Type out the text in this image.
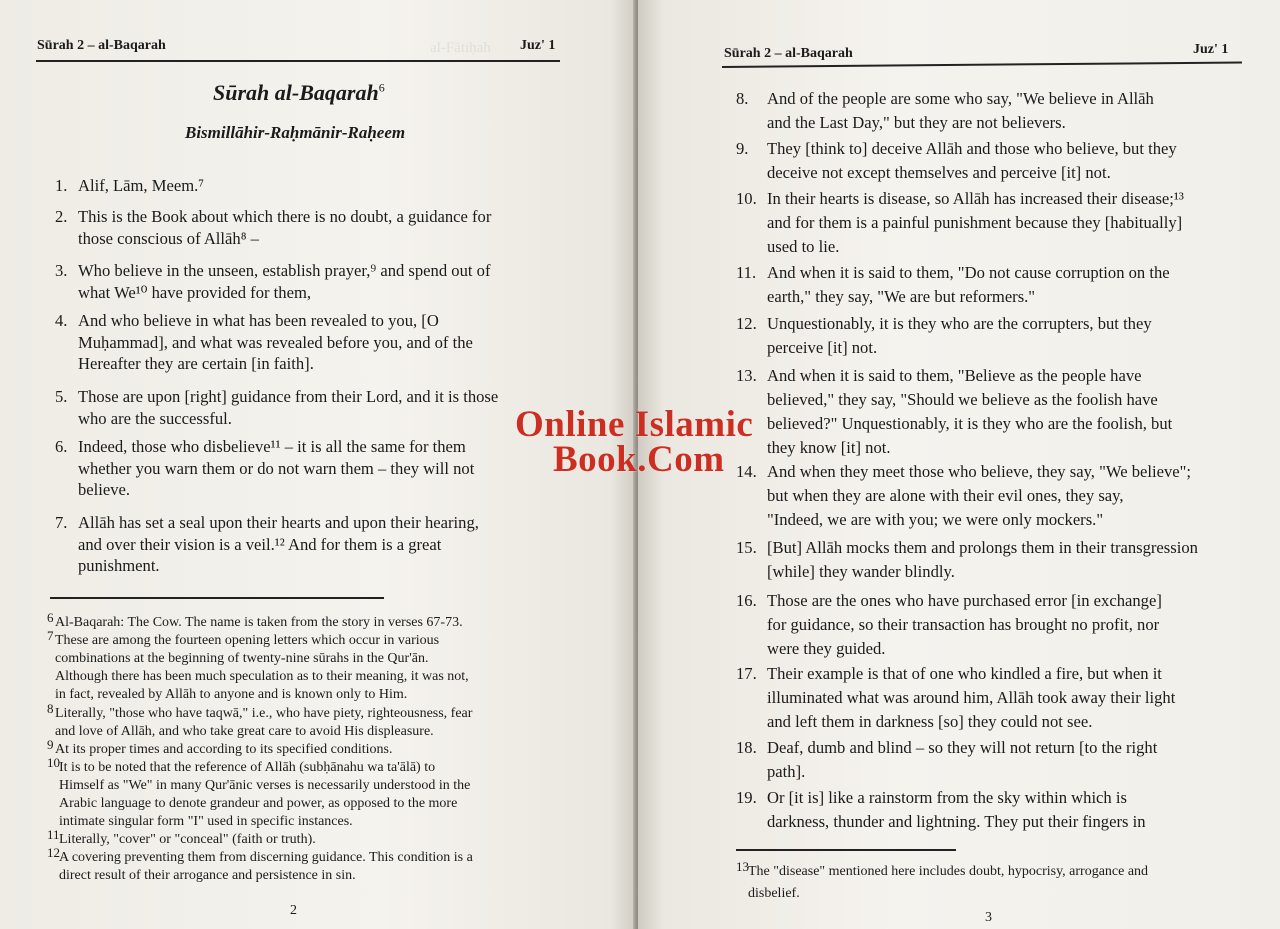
al-Fātiḥah
Sūrah 2 – al-Baqarah	Juz' 1
Sūrah al-Baqarah$^6$
Bismillāhir-Raḥmānir-Raḥeem
1. Alif, Lām, Meem.⁷
2. This is the Book about which there is no doubt, a guidance for
those conscious of Allāh⁸ –
3. Who believe in the unseen, establish prayer,⁹ and spend out of
what We¹⁰ have provided for them,
4. And who believe in what has been revealed to you, [O
Muḥammad], and what was revealed before you, and of the
Hereafter they are certain [in faith].
5. Those are upon [right] guidance from their Lord, and it is those
who are the successful.
6. Indeed, those who disbelieve¹¹ – it is all the same for them
whether you warn them or do not warn them – they will not
believe.
7. Allāh has set a seal upon their hearts and upon their hearing,
and over their vision is a veil.¹² And for them is a great
punishment.
6 Al-Baqarah: The Cow. The name is taken from the story in verses 67-73.
7 These are among the fourteen opening letters which occur in various
combinations at the beginning of twenty-nine sūrahs in the Qur'ān.
Although there has been much speculation as to their meaning, it was not,
in fact, revealed by Allāh to anyone and is known only to Him.
8 Literally, "those who have taqwā," i.e., who have piety, righteousness, fear
and love of Allāh, and who take great care to avoid His displeasure.
9 At its proper times and according to its specified conditions.
10 It is to be noted that the reference of Allāh (subḥānahu wa ta'ālā) to
Himself as "We" in many Qur'ānic verses is necessarily understood in the
Arabic language to denote grandeur and power, as opposed to the more
intimate singular form "I" used in specific instances.
11 Literally, "cover" or "conceal" (faith or truth).
12 A covering preventing them from discerning guidance. This condition is a
direct result of their arrogance and persistence in sin.
2
Sūrah 2 – al-Baqarah	Juz' 1
8. And of the people are some who say, "We believe in Allāh
and the Last Day," but they are not believers.
9. They [think to] deceive Allāh and those who believe, but they
deceive not except themselves and perceive [it] not.
10. In their hearts is disease, so Allāh has increased their disease;¹³
and for them is a painful punishment because they [habitually]
used to lie.
11. And when it is said to them, "Do not cause corruption on the
earth," they say, "We are but reformers."
12. Unquestionably, it is they who are the corrupters, but they
perceive [it] not.
13. And when it is said to them, "Believe as the people have
believed," they say, "Should we believe as the foolish have
believed?" Unquestionably, it is they who are the foolish, but
they know [it] not.
14. And when they meet those who believe, they say, "We believe";
but when they are alone with their evil ones, they say,
"Indeed, we are with you; we were only mockers."
15. [But] Allāh mocks them and prolongs them in their transgression
[while] they wander blindly.
16. Those are the ones who have purchased error [in exchange]
for guidance, so their transaction has brought no profit, nor
were they guided.
17. Their example is that of one who kindled a fire, but when it
illuminated what was around him, Allāh took away their light
and left them in darkness [so] they could not see.
18. Deaf, dumb and blind – so they will not return [to the right
path].
19. Or [it is] like a rainstorm from the sky within which is
darkness, thunder and lightning. They put their fingers in
13 The "disease" mentioned here includes doubt, hypocrisy, arrogance and
disbelief.
3
Online Islamic
Book.Com
